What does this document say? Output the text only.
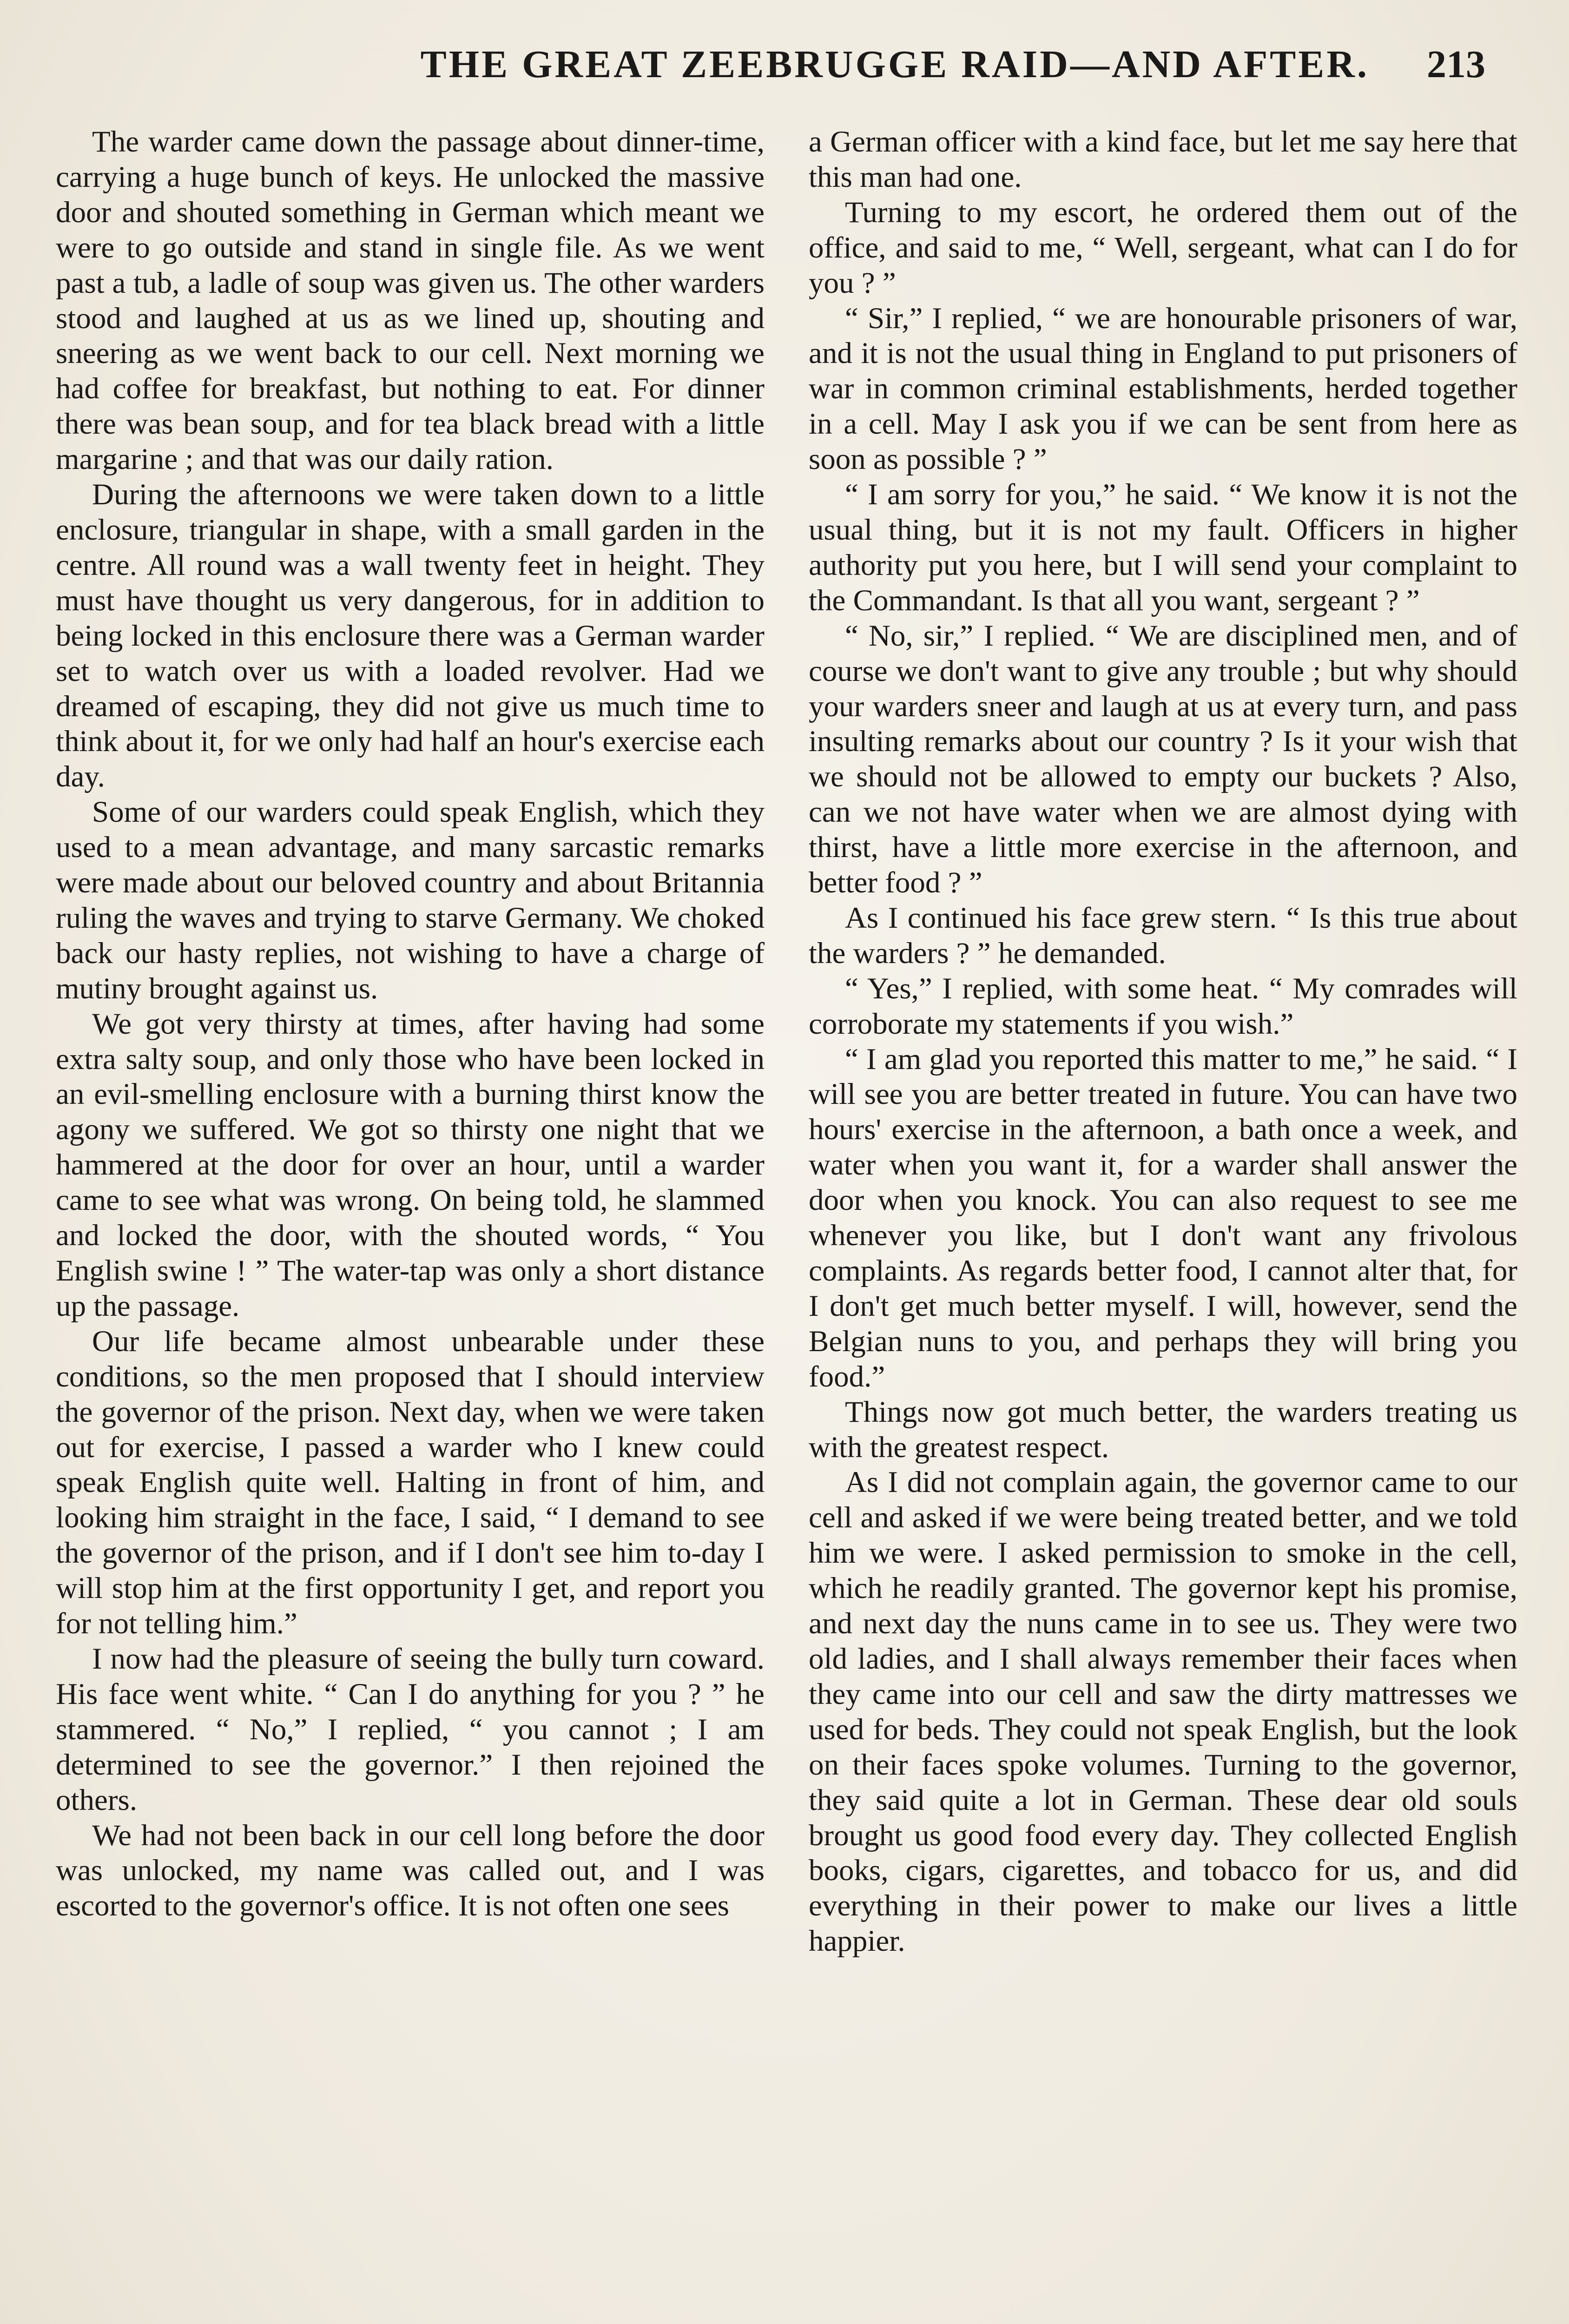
THE GREAT ZEEBRUGGE RAID—AND AFTER. 213

The warder came down the passage about dinner-time, carrying a huge bunch of keys. He unlocked the massive door and shouted something in German which meant we were to go outside and stand in single file. As we went past a tub, a ladle of soup was given us. The other warders stood and laughed at us as we lined up, shouting and sneering as we went back to our cell. Next morning we had coffee for breakfast, but nothing to eat. For dinner there was bean soup, and for tea black bread with a little margarine ; and that was our daily ration.

During the afternoons we were taken down to a little enclosure, triangular in shape, with a small garden in the centre. All round was a wall twenty feet in height. They must have thought us very dangerous, for in addition to being locked in this enclosure there was a German warder set to watch over us with a loaded revolver. Had we dreamed of escaping, they did not give us much time to think about it, for we only had half an hour's exercise each day.

Some of our warders could speak English, which they used to a mean advantage, and many sarcastic remarks were made about our beloved country and about Britannia ruling the waves and trying to starve Germany. We choked back our hasty replies, not wishing to have a charge of mutiny brought against us.

We got very thirsty at times, after having had some extra salty soup, and only those who have been locked in an evil-smelling enclosure with a burning thirst know the agony we suffered. We got so thirsty one night that we hammered at the door for over an hour, until a warder came to see what was wrong. On being told, he slammed and locked the door, with the shouted words, “ You English swine ! ” The water-tap was only a short distance up the passage.

Our life became almost unbearable under these conditions, so the men proposed that I should interview the governor of the prison. Next day, when we were taken out for exercise, I passed a warder who I knew could speak English quite well. Halting in front of him, and looking him straight in the face, I said, “ I demand to see the governor of the prison, and if I don't see him to-day I will stop him at the first opportunity I get, and report you for not telling him.”

I now had the pleasure of seeing the bully turn coward. His face went white. “ Can I do anything for you ? ” he stammered. “ No,” I replied, “ you cannot ; I am determined to see the governor.” I then rejoined the others.

We had not been back in our cell long before the door was unlocked, my name was called out, and I was escorted to the governor's office. It is not often one sees

a German officer with a kind face, but let me say here that this man had one.

Turning to my escort, he ordered them out of the office, and said to me, “ Well, sergeant, what can I do for you ? ”

“ Sir,” I replied, “ we are honourable prisoners of war, and it is not the usual thing in England to put prisoners of war in common criminal establishments, herded together in a cell. May I ask you if we can be sent from here as soon as possible ? ”

“ I am sorry for you,” he said. “ We know it is not the usual thing, but it is not my fault. Officers in higher authority put you here, but I will send your complaint to the Commandant. Is that all you want, sergeant ? ”

“ No, sir,” I replied. “ We are disciplined men, and of course we don't want to give any trouble ; but why should your warders sneer and laugh at us at every turn, and pass insulting remarks about our country ? Is it your wish that we should not be allowed to empty our buckets ? Also, can we not have water when we are almost dying with thirst, have a little more exercise in the afternoon, and better food ? ”

As I continued his face grew stern. “ Is this true about the warders ? ” he demanded.

“ Yes,” I replied, with some heat. “ My comrades will corroborate my statements if you wish.”

“ I am glad you reported this matter to me,” he said. “ I will see you are better treated in future. You can have two hours' exercise in the afternoon, a bath once a week, and water when you want it, for a warder shall answer the door when you knock. You can also request to see me whenever you like, but I don't want any frivolous complaints. As regards better food, I cannot alter that, for I don't get much better myself. I will, however, send the Belgian nuns to you, and perhaps they will bring you food.”

Things now got much better, the warders treating us with the greatest respect.

As I did not complain again, the governor came to our cell and asked if we were being treated better, and we told him we were. I asked permission to smoke in the cell, which he readily granted. The governor kept his promise, and next day the nuns came in to see us. They were two old ladies, and I shall always remember their faces when they came into our cell and saw the dirty mattresses we used for beds. They could not speak English, but the look on their faces spoke volumes. Turning to the governor, they said quite a lot in German. These dear old souls brought us good food every day. They collected English books, cigars, cigarettes, and tobacco for us, and did everything in their power to make our lives a little happier.
